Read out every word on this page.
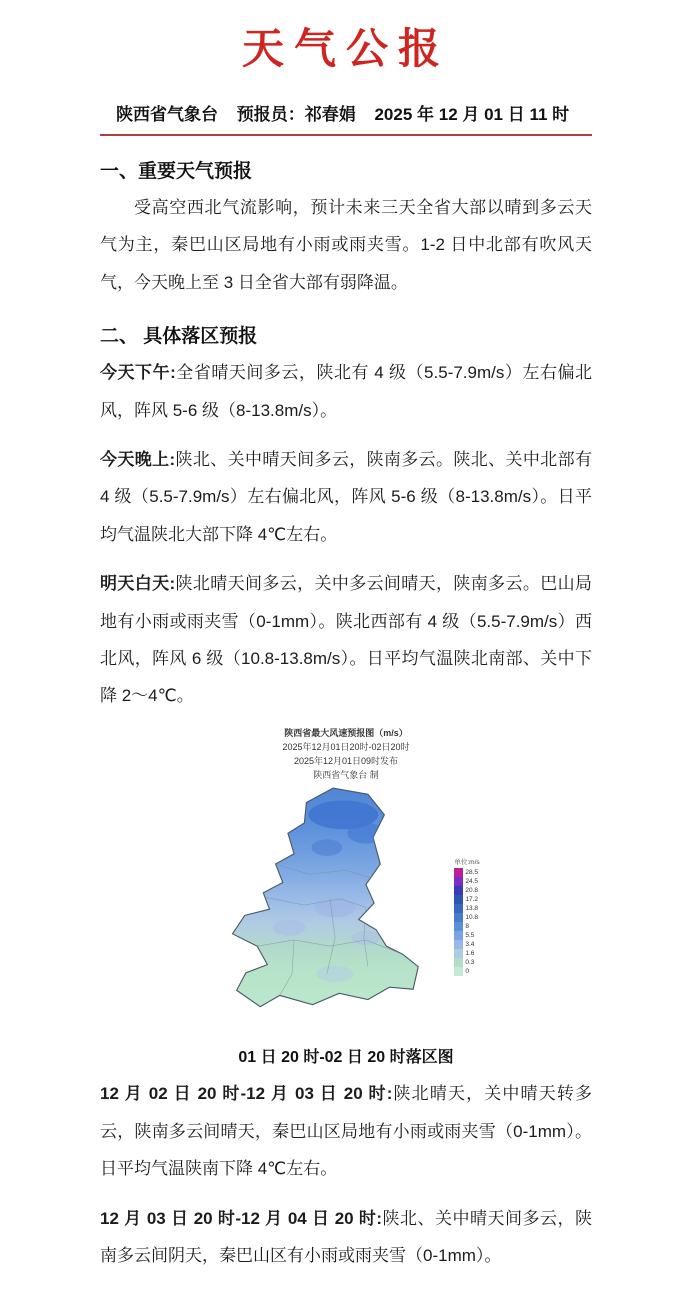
天气公报
陕西省气象台 预报员：祁春娟 2025 年 12 月 01 日 11 时
一、重要天气预报

受高空西北气流影响，预计未来三天全省大部以晴到多云天气为主，秦巴山区局地有小雨或雨夹雪。1-2 日中北部有吹风天气，今天晚上至 3 日全省大部有弱降温。

二、 具体落区预报

今天下午:全省晴天间多云，陕北有 4 级（5.5-7.9m/s）左右偏北风，阵风 5-6 级（8-13.8m/s）。

今天晚上:陕北、关中晴天间多云，陕南多云。陕北、关中北部有 4 级（5.5-7.9m/s）左右偏北风，阵风 5-6 级（8-13.8m/s）。日平均气温陕北大部下降 4℃左右。

明天白天:陕北晴天间多云，关中多云间晴天，陕南多云。巴山局地有小雨或雨夹雪（0-1mm）。陕北西部有 4 级（5.5-7.9m/s）西北风，阵风 6 级（10.8-13.8m/s）。日平均气温陕北南部、关中下降 2～4℃。

陕西省最大风速预报图（m/s）
2025年12月01日20时-02日20时
2025年12月01日09时发布
陕西省气象台 制
单位:m/s
28.5
24.5
20.8
17.2
13.8
10.8
8
5.5
3.4
1.6
0.3
0
01 日 20 时-02 日 20 时落区图

12 月 02 日 20 时-12 月 03 日 20 时:陕北晴天，关中晴天转多云，陕南多云间晴天，秦巴山区局地有小雨或雨夹雪（0-1mm）。日平均气温陕南下降 4℃左右。

12 月 03 日 20 时-12 月 04 日 20 时:陕北、关中晴天间多云，陕南多云间阴天，秦巴山区有小雨或雨夹雪（0-1mm）。
